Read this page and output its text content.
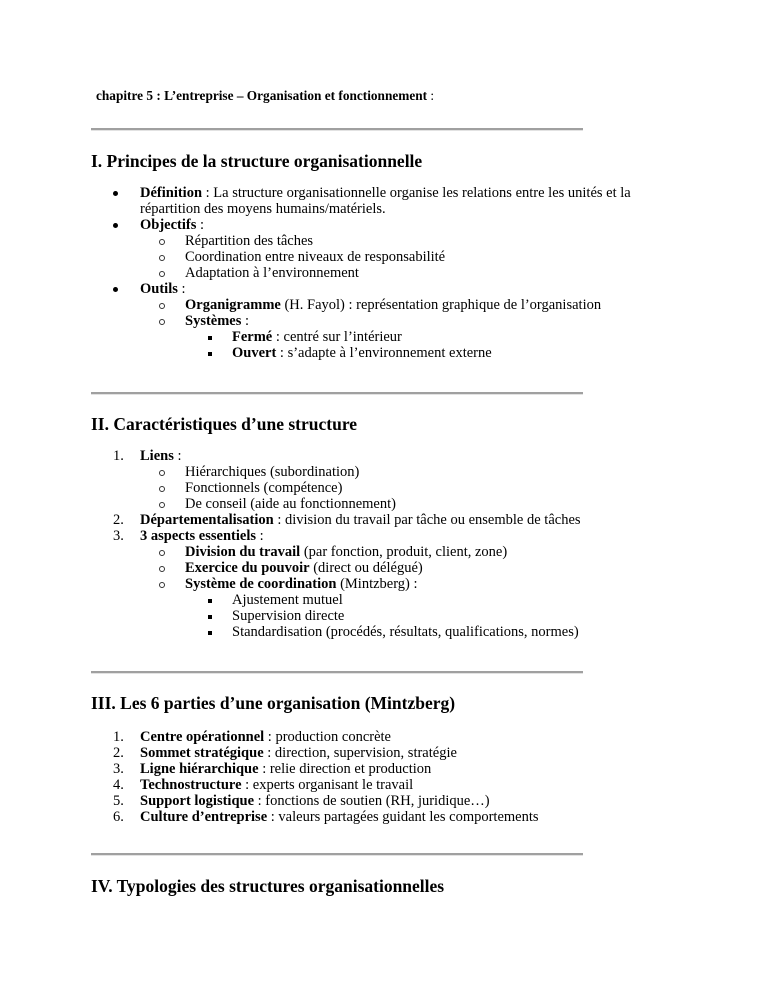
chapitre 5 : L’entreprise – Organisation et fonctionnement :
I. Principes de la structure organisationnelle
Définition : La structure organisationnelle organise les relations entre les unités et la répartition des moyens humains/matériels.
Objectifs :
Répartition des tâches
Coordination entre niveaux de responsabilité
Adaptation à l’environnement
Outils :
Organigramme (H. Fayol) : représentation graphique de l’organisation
Systèmes :
Fermé : centré sur l’intérieur
Ouvert : s’adapte à l’environnement externe
II. Caractéristiques d’une structure
1. Liens :
Hiérarchiques (subordination)
Fonctionnels (compétence)
De conseil (aide au fonctionnement)
2. Départementalisation : division du travail par tâche ou ensemble de tâches
3. 3 aspects essentiels :
Division du travail (par fonction, produit, client, zone)
Exercice du pouvoir (direct ou délégué)
Système de coordination (Mintzberg) :
Ajustement mutuel
Supervision directe
Standardisation (procédés, résultats, qualifications, normes)
III. Les 6 parties d’une organisation (Mintzberg)
1. Centre opérationnel : production concrète
2. Sommet stratégique : direction, supervision, stratégie
3. Ligne hiérarchique : relie direction et production
4. Technostructure : experts organisant le travail
5. Support logistique : fonctions de soutien (RH, juridique…)
6. Culture d’entreprise : valeurs partagées guidant les comportements
IV. Typologies des structures organisationnelles
